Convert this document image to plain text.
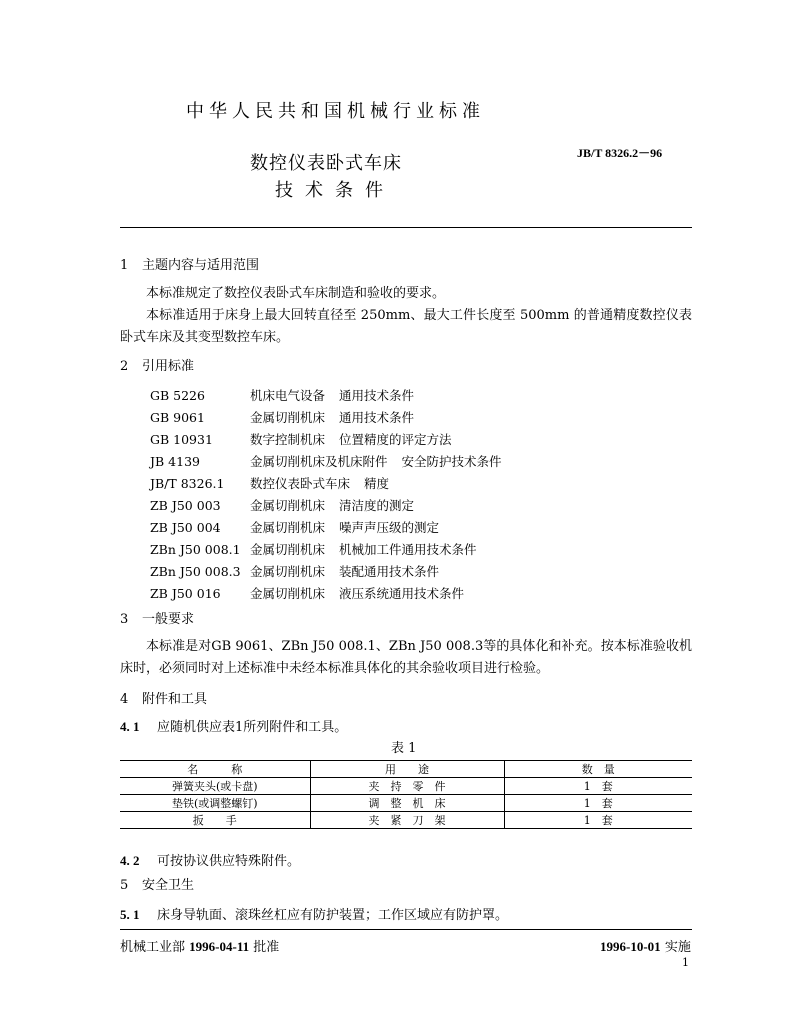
中华人民共和国机械行业标准
JB/T 8326.2－96
数控仪表卧式车床
技术条件
1 主题内容与适用范围
本标准规定了数控仪表卧式车床制造和验收的要求。
本标准适用于床身上最大回转直径至 250mm、最大工件长度至 500mm 的普通精度数控仪表卧式车床及其变型数控车床。
2 引用标准
GB 5226	机床电气设备 通用技术条件
GB 9061	金属切削机床 通用技术条件
GB 10931	数字控制机床 位置精度的评定方法
JB 4139	金属切削机床及机床附件 安全防护技术条件
JB/T 8326.1 数控仪表卧式车床 精度
ZB J50 003 金属切削机床 清洁度的测定
ZB J50 004 金属切削机床 噪声声压级的测定
ZBn J50 008.1 金属切削机床 机械加工件通用技术条件
ZBn J50 008.3 金属切削机床 装配通用技术条件
ZB J50 016 金属切削机床 液压系统通用技术条件
3 一般要求
本标准是对GB 9061、ZBn J50 008.1、ZBn J50 008.3等的具体化和补充。按本标准验收机床时，必须同时对上述标准中未经本标准具体化的其余验收项目进行检验。
4 附件和工具
4. 1 应随机供应表1所列附件和工具。
表 1
名　　　称	用　　途	数　量
弹簧夹头(或卡盘)	夹　持　零　件	1　套
垫铁(或调整螺钉)	调　整　机　床	1　套
扳　　手	夹　紧　刀　架	1　套
4. 2 可按协议供应特殊附件。
5 安全卫生
5. 1 床身导轨面、滚珠丝杠应有防护装置；工作区域应有防护罩。
机械工业部 1996-04-11 批准	1996-10-01 实施
1
